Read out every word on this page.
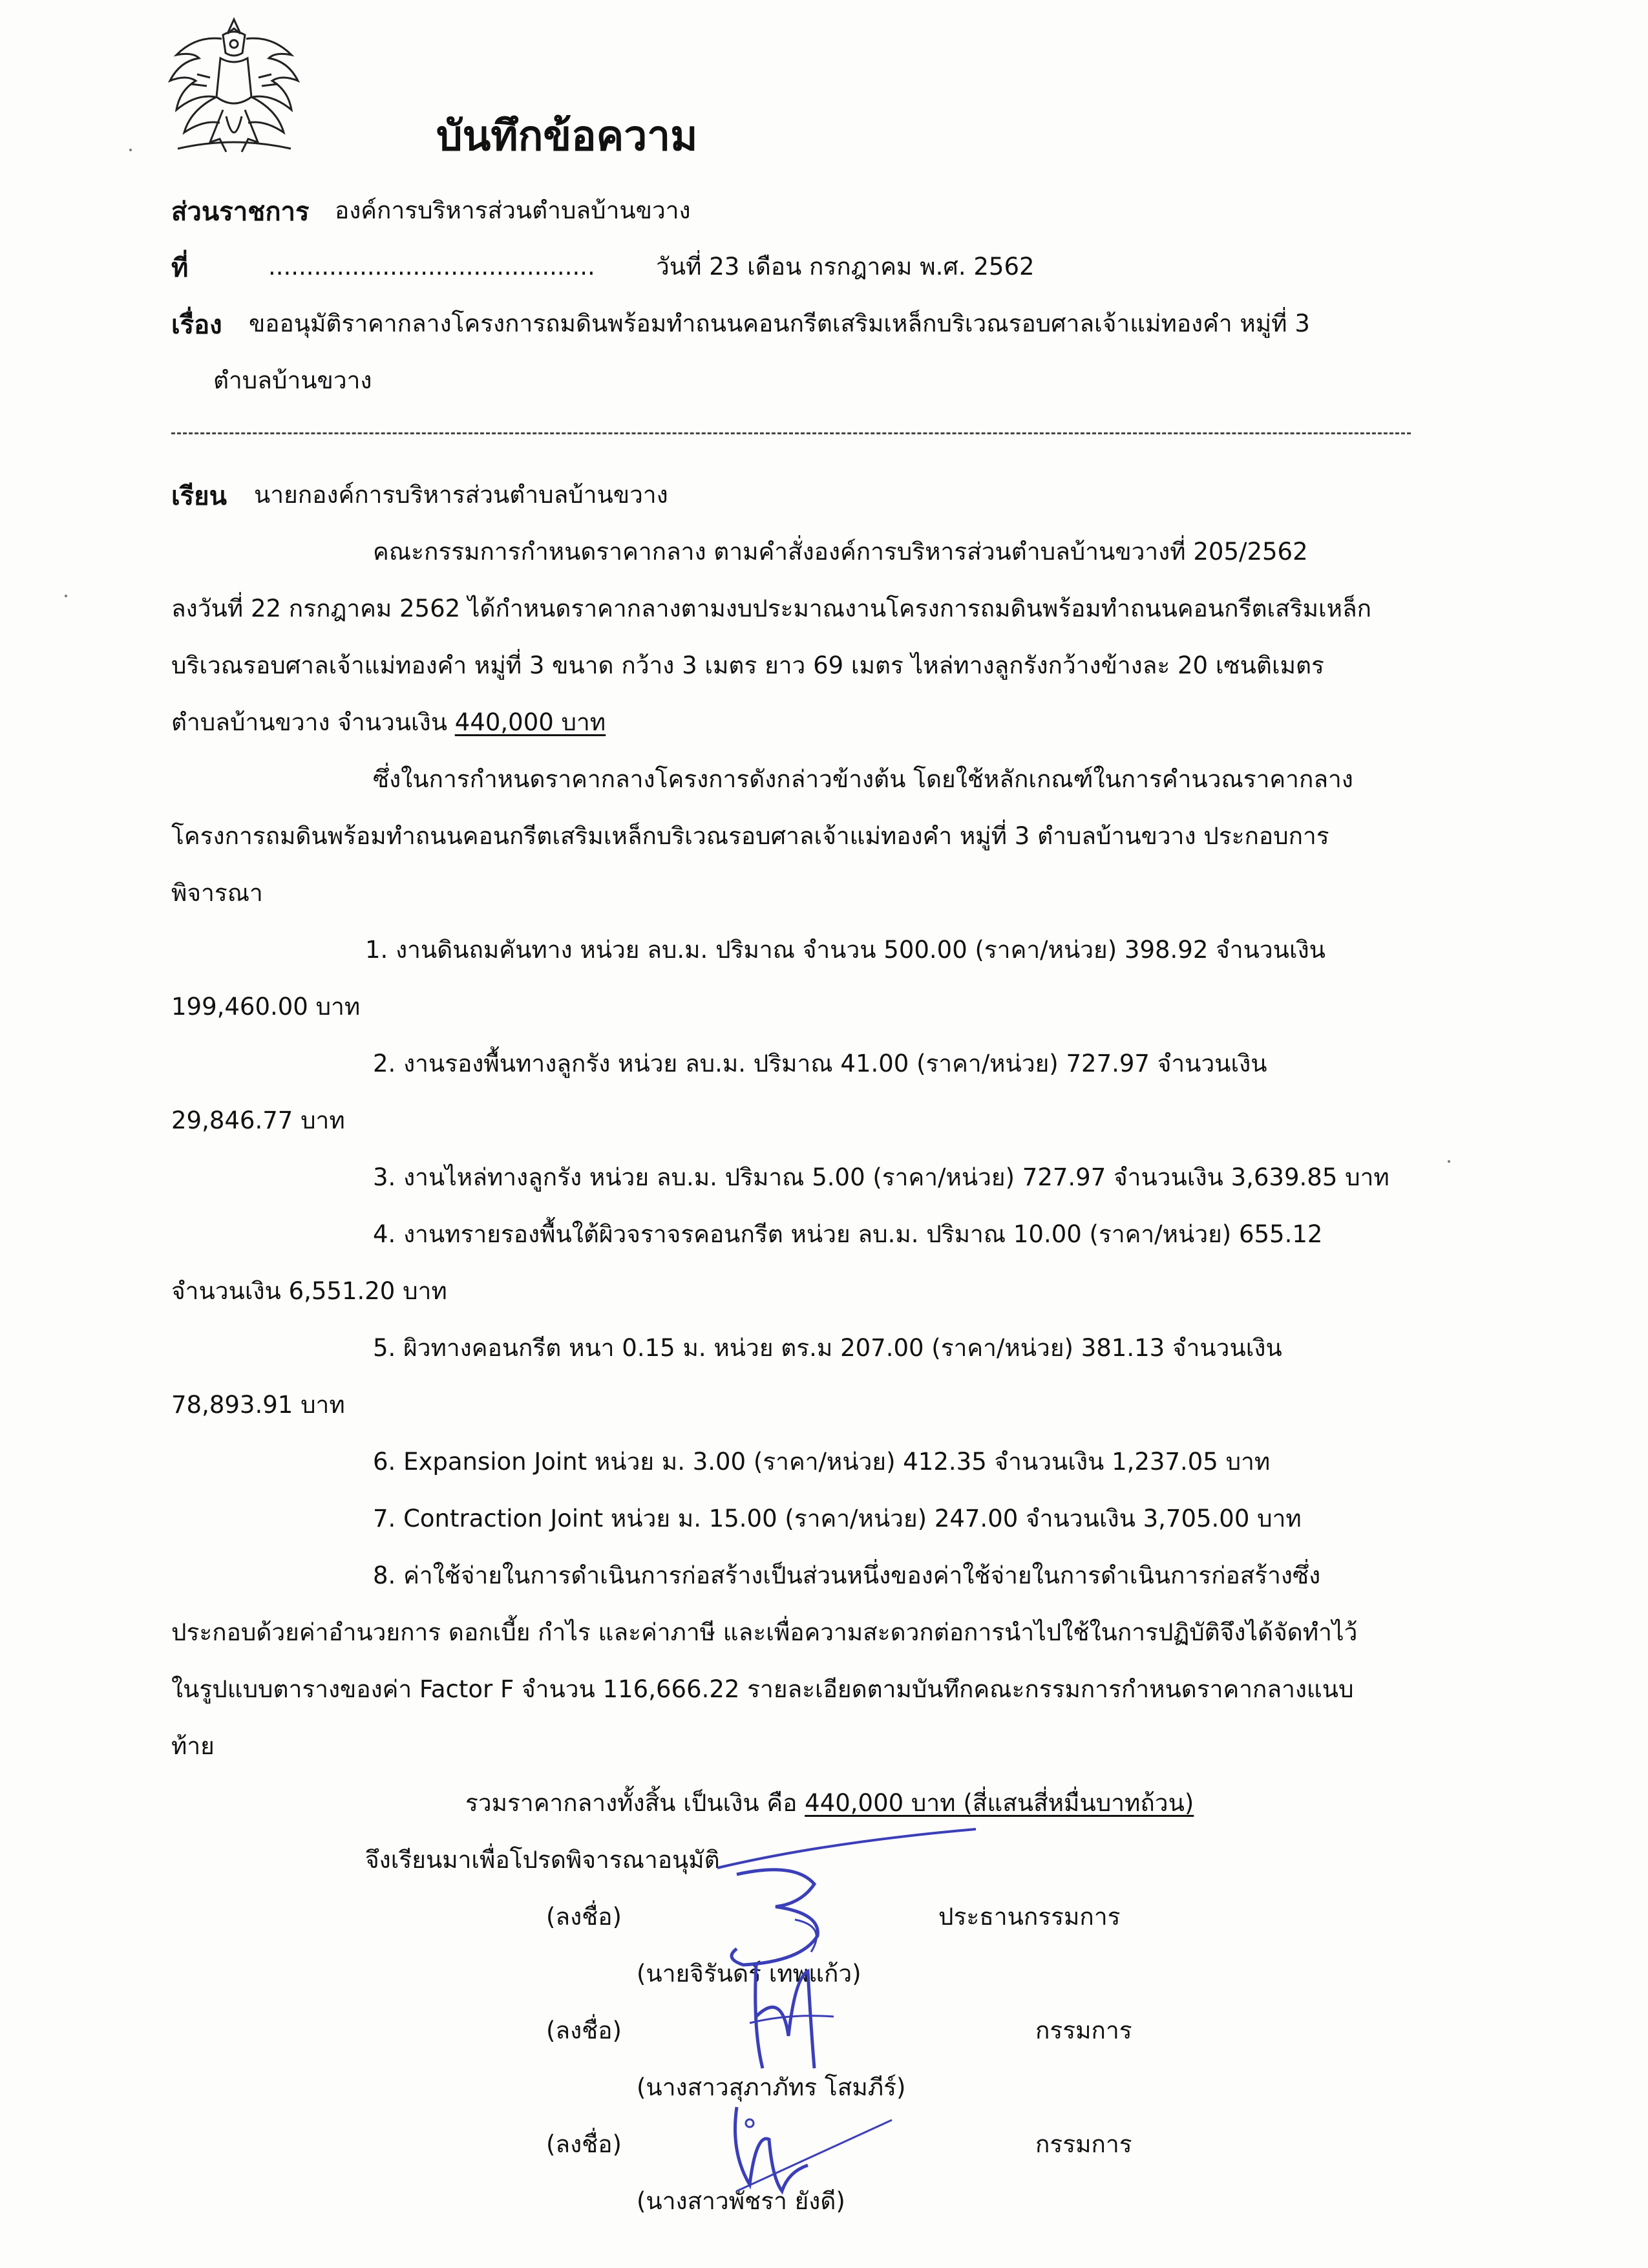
บันทึกข้อความ
ส่วนราชการ องค์การบริหารส่วนตำบลบ้านขวาง
ที่	...........................................	วันที่ 23 เดือน กรกฎาคม พ.ศ. 2562
เรื่อง ขออนุมัติราคากลางโครงการถมดินพร้อมทำถนนคอนกรีตเสริมเหล็กบริเวณรอบศาลเจ้าแม่ทองคำ หมู่ที่ 3
ตำบลบ้านขวาง
เรียน นายกองค์การบริหารส่วนตำบลบ้านขวาง
คณะกรรมการกำหนดราคากลาง ตามคำสั่งองค์การบริหารส่วนตำบลบ้านขวางที่ 205/2562
ลงวันที่ 22 กรกฎาคม 2562 ได้กำหนดราคากลางตามงบประมาณงานโครงการถมดินพร้อมทำถนนคอนกรีตเสริมเหล็ก
บริเวณรอบศาลเจ้าแม่ทองคำ หมู่ที่ 3 ขนาด กว้าง 3 เมตร ยาว 69 เมตร ไหล่ทางลูกรังกว้างข้างละ 20 เซนติเมตร
ตำบลบ้านขวาง จำนวนเงิน 440,000 บาท
ซึ่งในการกำหนดราคากลางโครงการดังกล่าวข้างต้น โดยใช้หลักเกณฑ์ในการคำนวณราคากลาง
โครงการถมดินพร้อมทำถนนคอนกรีตเสริมเหล็กบริเวณรอบศาลเจ้าแม่ทองคำ หมู่ที่ 3 ตำบลบ้านขวาง ประกอบการ
พิจารณา
1. งานดินถมคันทาง หน่วย ลบ.ม. ปริมาณ จำนวน 500.00 (ราคา/หน่วย) 398.92 จำนวนเงิน
199,460.00 บาท
2. งานรองพื้นทางลูกรัง หน่วย ลบ.ม. ปริมาณ 41.00 (ราคา/หน่วย) 727.97 จำนวนเงิน
29,846.77 บาท
3. งานไหล่ทางลูกรัง หน่วย ลบ.ม. ปริมาณ 5.00 (ราคา/หน่วย) 727.97 จำนวนเงิน 3,639.85 บาท
4. งานทรายรองพื้นใต้ผิวจราจรคอนกรีต หน่วย ลบ.ม. ปริมาณ 10.00 (ราคา/หน่วย) 655.12
จำนวนเงิน 6,551.20 บาท
5. ผิวทางคอนกรีต หนา 0.15 ม. หน่วย ตร.ม 207.00 (ราคา/หน่วย) 381.13 จำนวนเงิน
78,893.91 บาท
6. Expansion Joint หน่วย ม. 3.00 (ราคา/หน่วย) 412.35 จำนวนเงิน 1,237.05 บาท
7. Contraction Joint หน่วย ม. 15.00 (ราคา/หน่วย) 247.00 จำนวนเงิน 3,705.00 บาท
8. ค่าใช้จ่ายในการดำเนินการก่อสร้างเป็นส่วนหนึ่งของค่าใช้จ่ายในการดำเนินการก่อสร้างซึ่ง
ประกอบด้วยค่าอำนวยการ ดอกเบี้ย กำไร และค่าภาษี และเพื่อความสะดวกต่อการนำไปใช้ในการปฏิบัติจึงได้จัดทำไว้
ในรูปแบบตารางของค่า Factor F จำนวน 116,666.22 รายละเอียดตามบันทึกคณะกรรมการกำหนดราคากลางแนบ
ท้าย
รวมราคากลางทั้งสิ้น เป็นเงิน คือ 440,000 บาท (สี่แสนสี่หมื่นบาทถ้วน)
จึงเรียนมาเพื่อโปรดพิจารณาอนุมัติ
(ลงชื่อ)	ประธานกรรมการ
(นายจิรันดร์ เทพแก้ว)
(ลงชื่อ)	กรรมการ
(นางสาวสุภาภัทร โสมภีร์)
(ลงชื่อ)	กรรมการ
(นางสาวพัชรา ยังดี)
